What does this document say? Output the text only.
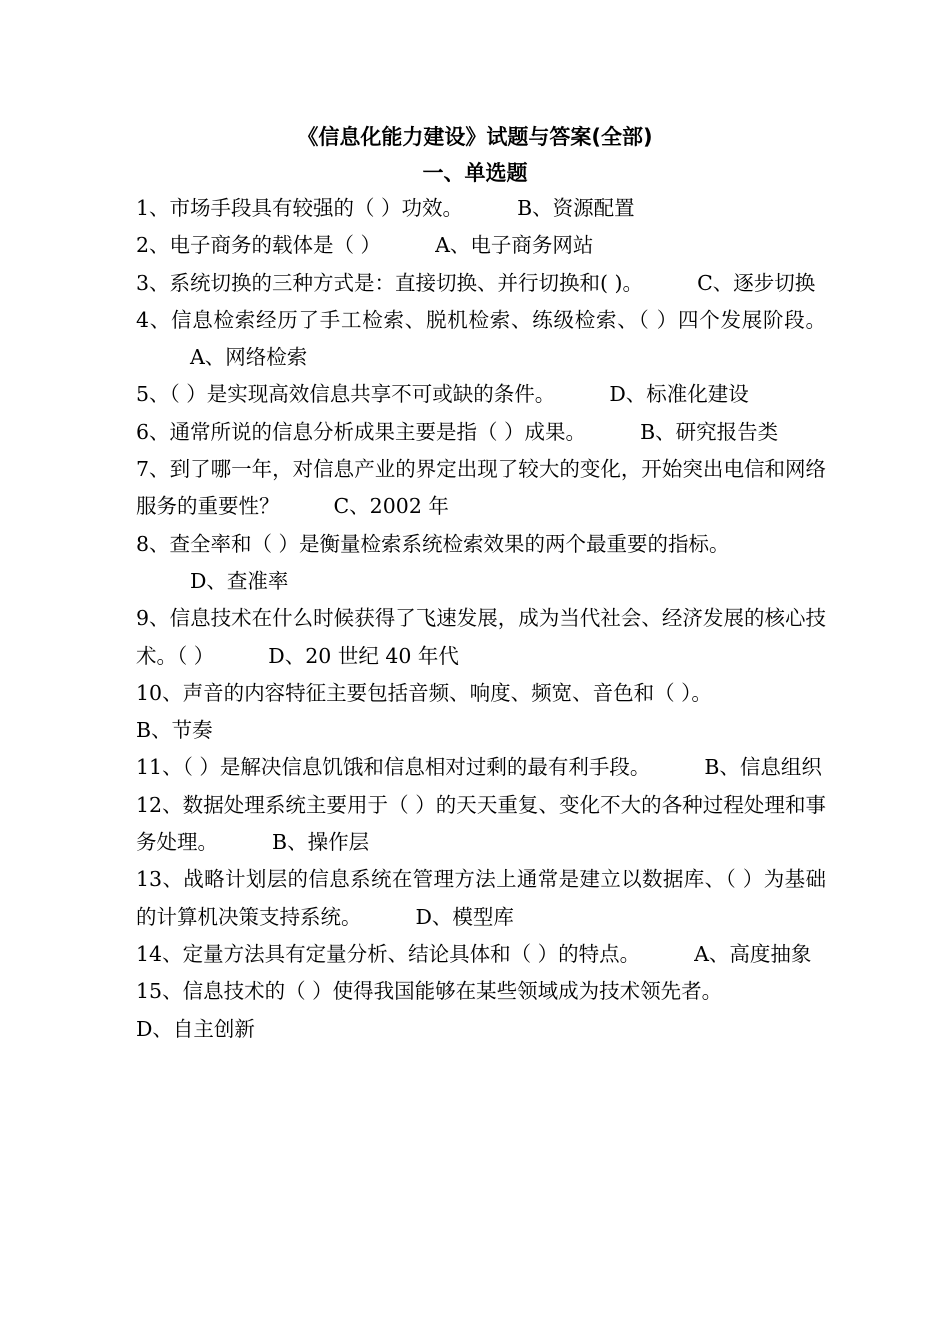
《信息化能力建设》试题与答案(全部)
一、单选题

1、市场手段具有较强的（ ）功效。	B、资源配置

2、电子商务的载体是（ ）	A、电子商务网站

3、系统切换的三种方式是：直接切换、并行切换和( )。	C、逐步切换

4、信息检索经历了手工检索、脱机检索、练级检索、（ ）四个发展阶段。A、网络检索

5、（ ）是实现高效信息共享不可或缺的条件。	D、标准化建设

6、通常所说的信息分析成果主要是指（ ）成果。	B、研究报告类

7、到了哪一年，对信息产业的界定出现了较大的变化，开始突出电信和网络服务的重要性？	C、2002 年

8、查全率和（ ）是衡量检索系统检索效果的两个最重要的指标。
D、查准率

9、信息技术在什么时候获得了飞速发展，成为当代社会、经济发展的核心技术。（ ）	D、20 世纪 40 年代

10、声音的内容特征主要包括音频、响度、频宽、音色和（ ）。
B、节奏

11、（ ）是解决信息饥饿和信息相对过剩的最有利手段。	B、信息组织

12、数据处理系统主要用于（ ）的天天重复、变化不大的各种过程处理和事务处理。	B、操作层

13、战略计划层的信息系统在管理方法上通常是建立以数据库、（ ）为基础的计算机决策支持系统。	D、模型库

14、定量方法具有定量分析、结论具体和（ ）的特点。	A、高度抽象

15、信息技术的（ ）使得我国能够在某些领域成为技术领先者。
D、自主创新
